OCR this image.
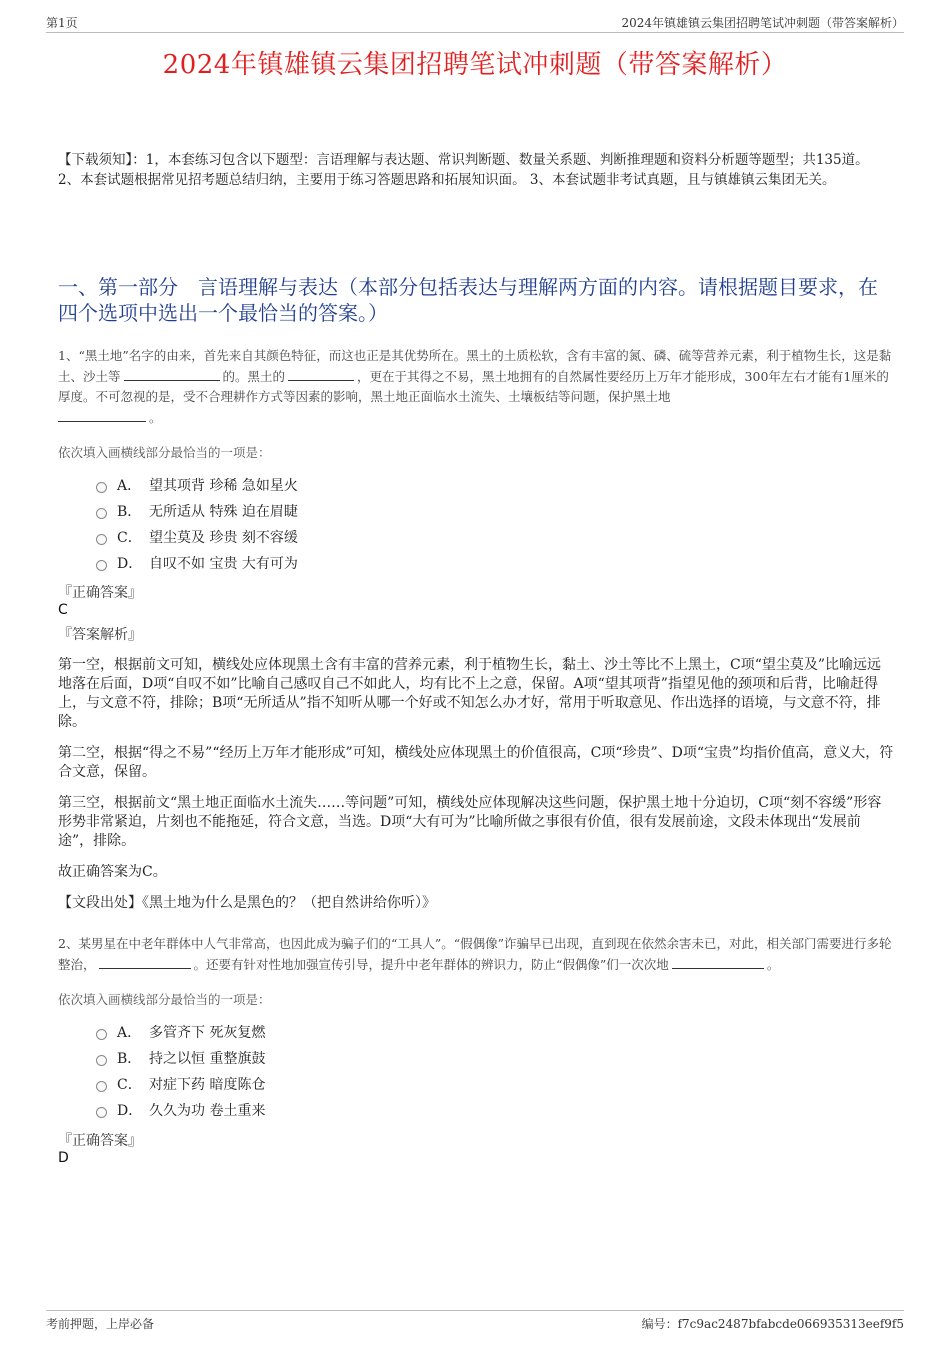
第1页	2024年镇雄镇云集团招聘笔试冲刺题（带答案解析）
2024年镇雄镇云集团招聘笔试冲刺题（带答案解析）
【下载须知】：1，本套练习包含以下题型：言语理解与表达题、常识判断题、数量关系题、判断推理题和资料分析题等题型；共135道。 2、本套试题根据常见招考题总结归纳，主要用于练习答题思路和拓展知识面。 3、本套试题非考试真题，且与镇雄镇云集团无关。
一、第一部分　言语理解与表达（本部分包括表达与理解两方面的内容。请根据题目要求，在四个选项中选出一个最恰当的答案。）
1、“黑土地”名字的由来，首先来自其颜色特征，而这也正是其优势所在。黑土的土质松软，含有丰富的氮、磷、硫等营养元素，利于植物生长，这是黏土、沙土等	的。黑土的	，更在于其得之不易，黑土地拥有的自然属性要经历上万年才能形成，300年左右才能有1厘米的厚度。不可忽视的是，受不合理耕作方式等因素的影响，黑土地正面临水土流失、土壤板结等问题，保护黑土地
。
依次填入画横线部分最恰当的一项是：
A． 望其项背 珍稀 急如星火
B． 无所适从 特殊 迫在眉睫
C． 望尘莫及 珍贵 刻不容缓
D． 自叹不如 宝贵 大有可为
『正确答案』
C
『答案解析』

第一空，根据前文可知，横线处应体现黑土含有丰富的营养元素，利于植物生长，黏土、沙土等比不上黑土，C项“望尘莫及”比喻远远地落在后面，D项“自叹不如”比喻自己感叹自己不如此人，均有比不上之意，保留。A项“望其项背”指望见他的颈项和后背，比喻赶得上，与文意不符，排除；B项“无所适从”指不知听从哪一个好或不知怎么办才好，常用于听取意见、作出选择的语境，与文意不符，排除。

第二空，根据“得之不易”“经历上万年才能形成”可知，横线处应体现黑土的价值很高，C项“珍贵”、D项“宝贵”均指价值高，意义大，符合文意，保留。

第三空，根据前文“黑土地正面临水土流失……等问题”可知，横线处应体现解决这些问题，保护黑土地十分迫切，C项“刻不容缓”形容形势非常紧迫，片刻也不能拖延，符合文意，当选。D项“大有可为”比喻所做之事很有价值，很有发展前途，文段未体现出“发展前途”，排除。

故正确答案为C。

【文段出处】《黑土地为什么是黑色的？（把自然讲给你听）》

2、某男星在中老年群体中人气非常高，也因此成为骗子们的“工具人”。“假偶像”诈骗早已出现，直到现在依然余害未已，对此，相关部门需要进行多轮整治，	。还要有针对性地加强宣传引导，提升中老年群体的辨识力，防止“假偶像”们一次次地	。
依次填入画横线部分最恰当的一项是：
A． 多管齐下 死灰复燃
B． 持之以恒 重整旗鼓
C． 对症下药 暗度陈仓
D． 久久为功 卷土重来
『正确答案』
D
考前押题，上岸必备	编号：f7c9ac2487bfabcde066935313eef9f5
